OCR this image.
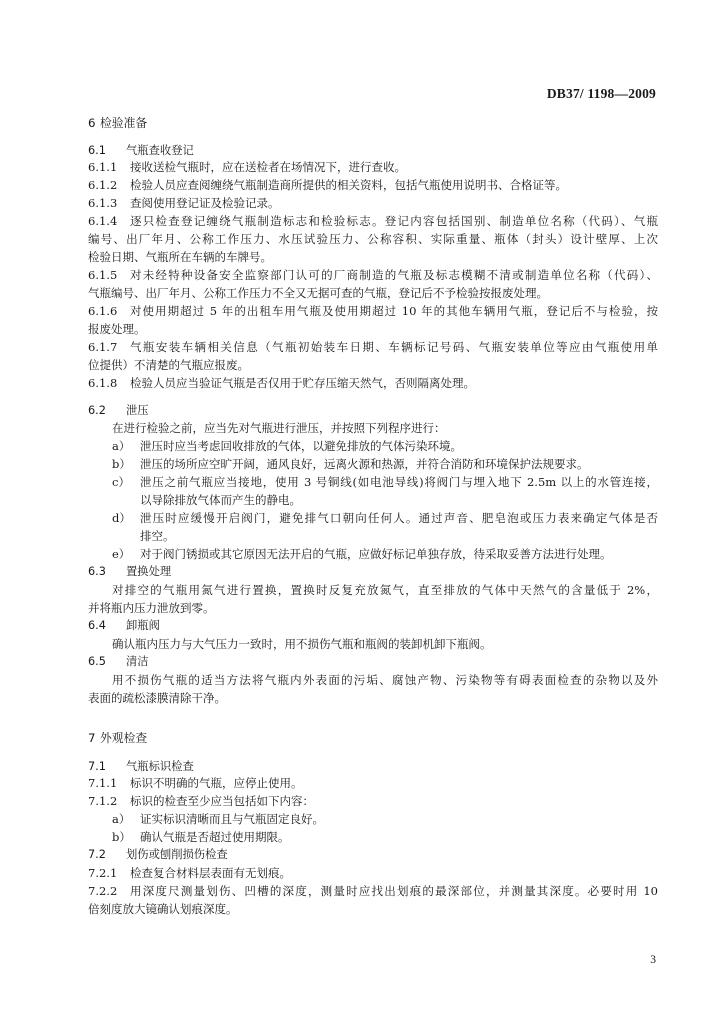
DB37/ 1198—2009
6 检验准备
6.1 气瓶查收登记
6.1.1 接收送检气瓶时，应在送检者在场情况下，进行查收。
6.1.2 检验人员应查阅缠绕气瓶制造商所提供的相关资料，包括气瓶使用说明书、合格证等。
6.1.3 查阅使用登记证及检验记录。
6.1.4 逐只检查登记缠绕气瓶制造标志和检验标志。登记内容包括国别、制造单位名称（代码）、气瓶
编号、出厂年月、公称工作压力、水压试验压力、公称容积、实际重量、瓶体（封头）设计壁厚、上次
检验日期、气瓶所在车辆的车牌号。
6.1.5 对未经特种设备安全监察部门认可的厂商制造的气瓶及标志模糊不清或制造单位名称（代码）、
气瓶编号、出厂年月、公称工作压力不全又无据可查的气瓶，登记后不予检验按报废处理。
6.1.6 对使用期超过 5 年的出租车用气瓶及使用期超过 10 年的其他车辆用气瓶，登记后不与检验，按
报废处理。
6.1.7 气瓶安装车辆相关信息（气瓶初始装车日期、车辆标记号码、气瓶安装单位等应由气瓶使用单
位提供）不清楚的气瓶应报废。
6.1.8 检验人员应当验证气瓶是否仅用于贮存压缩天然气，否则隔离处理。
6.2 泄压
在进行检验之前，应当先对气瓶进行泄压，并按照下列程序进行：
a） 泄压时应当考虑回收排放的气体，以避免排放的气体污染环境。
b） 泄压的场所应空旷开阔，通风良好，远离火源和热源，并符合消防和环境保护法规要求。
c） 泄压之前气瓶应当接地，使用 3 号铜线(如电池导线)将阀门与埋入地下 2.5m 以上的水管连接，
以导除排放气体而产生的静电。
d） 泄压时应缓慢开启阀门，避免排气口朝向任何人。通过声音、肥皂泡或压力表来确定气体是否
排空。
e） 对于阀门锈损或其它原因无法开启的气瓶，应做好标记单独存放，待采取妥善方法进行处理。
6.3 置换处理
对排空的气瓶用氮气进行置换，置换时反复充放氮气，直至排放的气体中天然气的含量低于 2%，
并将瓶内压力泄放到零。
6.4 卸瓶阀
确认瓶内压力与大气压力一致时，用不损伤气瓶和瓶阀的装卸机卸下瓶阀。
6.5 清洁
用不损伤气瓶的适当方法将气瓶内外表面的污垢、腐蚀产物、污染物等有碍表面检查的杂物以及外
表面的疏松漆膜清除干净。
7 外观检查
7.1 气瓶标识检查
7.1.1 标识不明确的气瓶，应停止使用。
7.1.2 标识的检查至少应当包括如下内容：
a） 证实标识清晰而且与气瓶固定良好。
b） 确认气瓶是否超过使用期限。
7.2 划伤或刨削损伤检查
7.2.1 检查复合材料层表面有无划痕。
7.2.2 用深度尺测量划伤、凹槽的深度，测量时应找出划痕的最深部位，并测量其深度。必要时用 10
倍刻度放大镜确认划痕深度。
3
